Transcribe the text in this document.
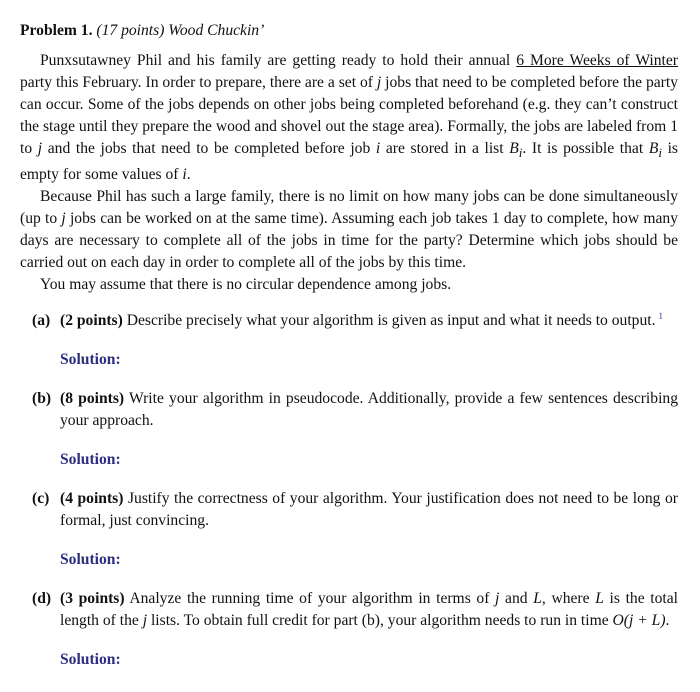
Problem 1. (17 points) Wood Chuckin’

Punxsutawney Phil and his family are getting ready to hold their annual 6 More Weeks of Winter party this February. In order to prepare, there are a set of j jobs that need to be completed before the party can occur. Some of the jobs depends on other jobs being completed beforehand (e.g. they can’t construct the stage until they prepare the wood and shovel out the stage area). Formally, the jobs are labeled from 1 to j and the jobs that need to be completed before job i are stored in a list $B_i$. It is possible that $B_i$ is empty for some values of i.

Because Phil has such a large family, there is no limit on how many jobs can be done simultaneously (up to j jobs can be worked on at the same time). Assuming each job takes 1 day to complete, how many days are necessary to complete all of the jobs in time for the party? Determine which jobs should be carried out on each day in order to complete all of the jobs by this time.

You may assume that there is no circular dependence among jobs.

(a) (2 points) Describe precisely what your algorithm is given as input and what it needs to output. $^1$
Solution:
(b) (8 points) Write your algorithm in pseudocode. Additionally, provide a few sentences describing your approach.
Solution:
(c) (4 points) Justify the correctness of your algorithm. Your justification does not need to be long or formal, just convincing.
Solution:
(d) (3 points) Analyze the running time of your algorithm in terms of j and L, where L is the total length of the j lists. To obtain full credit for part (b), your algorithm needs to run in time O(j + L).
Solution:
